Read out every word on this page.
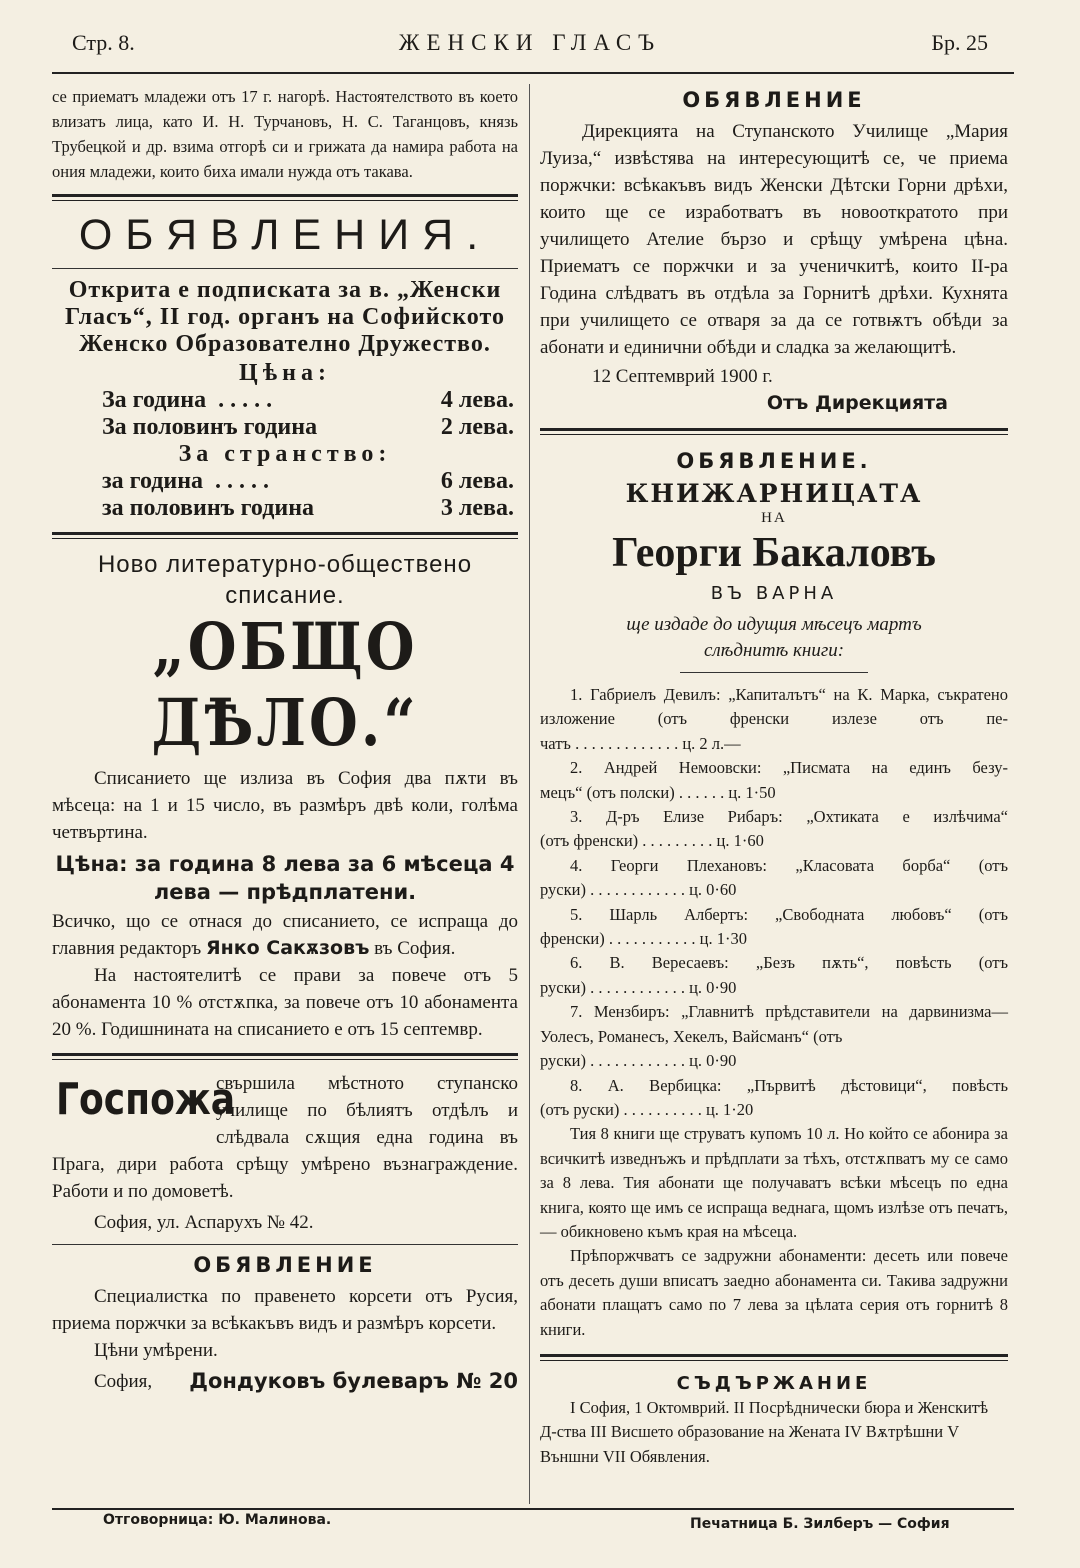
Стр. 8.	ЖЕНСКИ ГЛАСЪ	Бр. 25
се приематъ младежи отъ 17 г. нагорѣ. Настоятелството въ което влизатъ лица, като И. Н. Турчановъ, Н. С. Таганцовъ, князь Трубецкой и др. взима отгорѣ си и грижата да намира работа на ония младежи, които биха имали нужда отъ такава.
ОБЯВЛЕНИЯ.
Открита е подписката за в. „Женски Гласъ“, II год. органъ на Софийското Женско Образователно Дружество.
Цѣна:
За година  . . . . .	4 лева.
За половинъ година	2 лева.
За странство:
за година  . . . . .	6 лева.
за половинъ година	3 лева.
Ново литературно-обществено списание.
„ОБЩО ДѢЛО.“
Списанието ще излиза въ София два пѫти въ мѣсеца: на 1 и 15 число, въ размѣръ двѣ коли, голѣма четвъртина.
Цѣна: за година 8 лева за 6 мѣсеца 4 лева — прѣдплатени.
Всичко, що се отнася до списанието, се испраща до главния редакторъ Янко Сакѫзовъ въ София.
На настоятелитѣ се прави за повече отъ 5 абонамента 10 % отстѫпка, за повече отъ 10 абонамента 20 %. Годишнината на списанието е отъ 15 септемвр.
Госпожа
свършила мѣстното ступанско училище по бѣлиятъ отдѣлъ и слѣдвала сѫщия една година въ Прага, дири работа срѣщу умѣрено възнаграждение. Работи и по домоветѣ.
София, ул. Аспарухъ № 42.
ОБЯВЛЕНИЕ
Специалистка по правенето корсети отъ Русия, приема поржчки за всѣкакъвъ видъ и размѣръ корсети.
Цѣни умѣрени.
София, Дондуковъ булеваръ № 20
ОБЯВЛЕНИЕ
Дирекцията на Ступанското Училище „Мария Луиза,“ извѣстява на интересующитѣ се, че приема поржчки: всѣкакъвъ видъ Женски Дѣтски Горни дрѣхи, които ще се изработватъ въ новооткратото при училището Ателие бързо и срѣщу умѣрена цѣна. Приематъ се поржчки и за ученичкитѣ, които II-ра Година слѣдватъ въ отдѣла за Горнитѣ дрѣхи. Кухнята при училището се отваря за да се готвѭтъ обѣди за абонати и единични обѣди и сладка за желающитѣ.
12 Септемврий 1900 г.
Отъ Дирекцията
ОБЯВЛЕНИЕ.
КНИЖАРНИЦАТА
НА
Георги Бакаловъ
ВЪ ВАРНА
ще издаде до идущия мѣсецъ мартъ слѣднитѣ книги:
1. Габриелъ Девилъ: „Капиталътъ“ на К. Марка, съкратено изложение (отъ френски излезе отъ пе-
чатъ . . . . . . . . . . . . . ц. 2 л.—
2. Андрей Немоовски: „Писмата на единъ безу-
мецъ“ (отъ полски) . . . . . . ц. 1·50
3. Д-ръ Елизе Рибаръ: „Охтиката е излѣчима“
(отъ френски) . . . . . . . . . ц. 1·60
4. Георги Плехановъ: „Класовата борба“ (отъ
руски) . . . . . . . . . . . . ц. 0·60
5. Шарль Албертъ: „Свободната любовъ“ (отъ
френски) . . . . . . . . . . . ц. 1·30
6. В. Вересаевъ: „Безъ пѫть“, повѣсть (отъ
руски) . . . . . . . . . . . . ц. 0·90
7. Мензбиръ: „Главнитѣ прѣдставители на дарвинизма—Уолесъ, Романесъ, Хекелъ, Вайсманъ“ (отъ
руски) . . . . . . . . . . . . ц. 0·90
8. А. Вербицка: „Първитѣ дѣстовици“, повѣсть
(отъ руски) . . . . . . . . . . ц. 1·20
Тия 8 книги ще струватъ купомъ 10 л. Но който се абонира за всичкитѣ изведнъжъ и прѣдплати за тѣхъ, отстѫпватъ му се само за 8 лева. Тия абонати ще получаватъ всѣки мѣсецъ по една книга, която ще имъ се испраща веднага, щомъ излѣзе отъ печатъ, — обикновено къмъ края на мѣсеца.
Прѣпоржчватъ се задружни абонаменти: десеть или повече отъ десеть души вписатъ заедно абонамента си. Такива задружни абонати плащатъ само по 7 лева за цѣлата серия отъ горнитѣ 8 книги.
СЪДЪРЖАНИЕ
I София, 1 Октомврий. II Посрѣднически бюра и Женскитѣ Д-ства III Висшето образование на Жената IV Вѫтрѣшни V Външни VII Обявления.
Отговорница: Ю. Малинова.	Печатница Б. Зилберъ — София
